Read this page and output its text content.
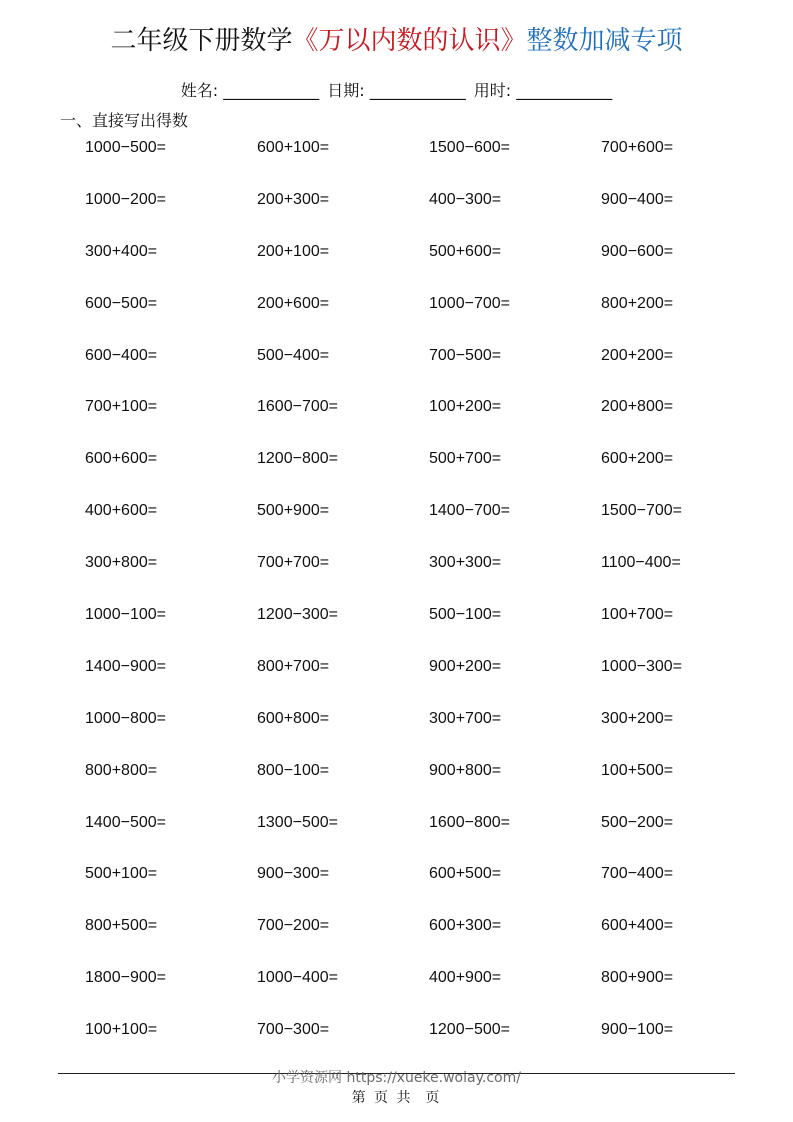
二年级下册数学《万以内数的认识》整数加减专项
姓名: ____________ 日期: ____________ 用时: ____________
一、直接写出得数
1000−500=	600+100=	1500−600=	700+600=
1000−200=	200+300=	400−300=	900−400=
300+400=	200+100=	500+600=	900−600=
600−500=	200+600=	1000−700=	800+200=
600−400=	500−400=	700−500=	200+200=
700+100=	1600−700=	100+200=	200+800=
600+600=	1200−800=	500+700=	600+200=
400+600=	500+900=	1400−700=	1500−700=
300+800=	700+700=	300+300=	1100−400=
1000−100=	1200−300=	500−100=	100+700=
1400−900=	800+700=	900+200=	1000−300=
1000−800=	600+800=	300+700=	300+200=
800+800=	800−100=	900+800=	100+500=
1400−500=	1300−500=	1600−800=	500−200=
500+100=	900−300=	600+500=	700−400=
800+500=	700−200=	600+300=	600+400=
1800−900=	1000−400=	400+900=	800+900=
100+100=	700−300=	1200−500=	900−100=
小学资源网 https://xueke.woiay.com/
第 页 共  页
